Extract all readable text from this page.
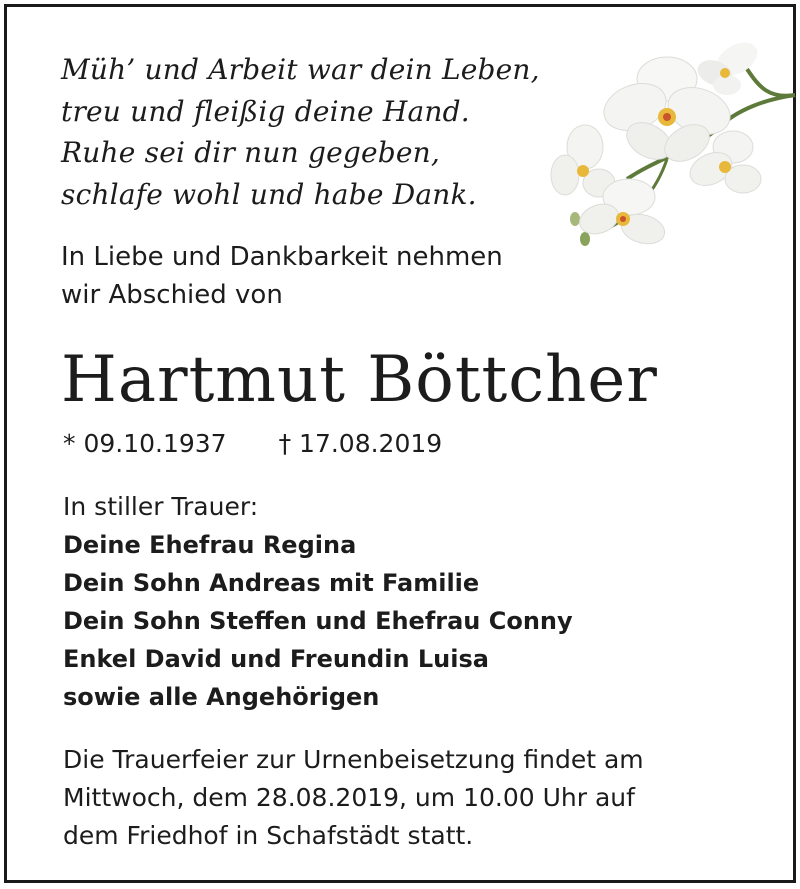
Müh’ und Arbeit war dein Leben,
treu und fleißig deine Hand.
Ruhe sei dir nun gegeben,
schlafe wohl und habe Dank.
In Liebe und Dankbarkeit nehmen
wir Abschied von
Hartmut Böttcher
* 09.10.1937 † 17.08.2019
In stiller Trauer:
Deine Ehefrau Regina
Dein Sohn Andreas mit Familie
Dein Sohn Steffen und Ehefrau Conny
Enkel David und Freundin Luisa
sowie alle Angehörigen
Die Trauerfeier zur Urnenbeisetzung findet am
Mittwoch, dem 28.08.2019, um 10.00 Uhr auf
dem Friedhof in Schafstädt statt.
